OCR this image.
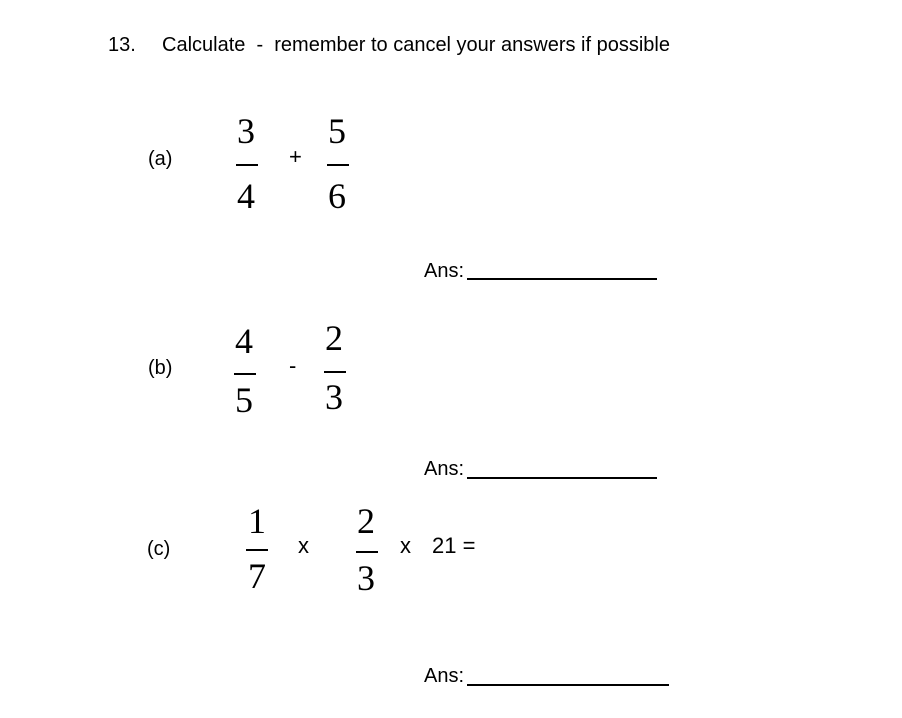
13. Calculate  -  remember to cancel your answers if possible
(a)
3
4
+
5
6
Ans:
(b)
4
5
-
2
3
Ans:
(c)
1
7
x
2
3
x 21 =
Ans:
